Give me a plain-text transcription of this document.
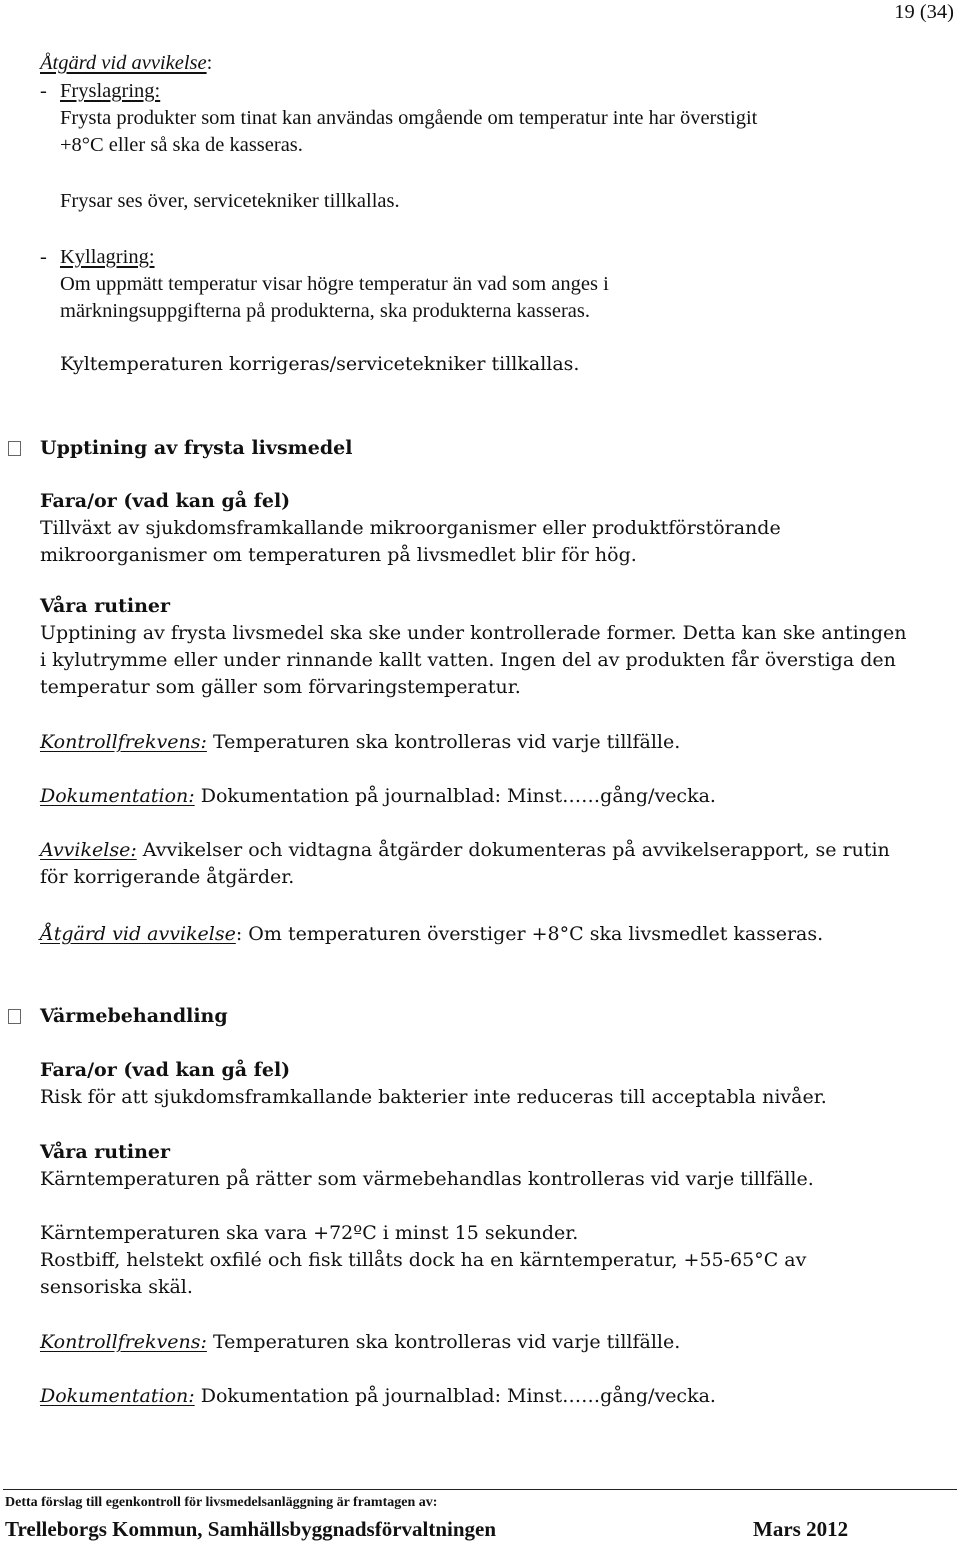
19 (34)
Åtgärd vid avvikelse:
- Fryslagring:
Frysta produkter som tinat kan användas omgående om temperatur inte har överstigit
+8°C eller så ska de kasseras.
Frysar ses över, servicetekniker tillkallas.
- Kyllagring:
Om uppmätt temperatur visar högre temperatur än vad som anges i
märkningsuppgifterna på produkterna, ska produkterna kasseras.
Kyltemperaturen korrigeras/servicetekniker tillkallas.
Upptining av frysta livsmedel
Fara/or (vad kan gå fel)
Tillväxt av sjukdomsframkallande mikroorganismer eller produktförstörande
mikroorganismer om temperaturen på livsmedlet blir för hög.
Våra rutiner
Upptining av frysta livsmedel ska ske under kontrollerade former. Detta kan ske antingen
i kylutrymme eller under rinnande kallt vatten. Ingen del av produkten får överstiga den
temperatur som gäller som förvaringstemperatur.
Kontrollfrekvens: Temperaturen ska kontrolleras vid varje tillfälle.
Dokumentation: Dokumentation på journalblad: Minst……gång/vecka.
Avvikelse: Avvikelser och vidtagna åtgärder dokumenteras på avvikelserapport, se rutin
för korrigerande åtgärder.
Åtgärd vid avvikelse: Om temperaturen överstiger +8°C ska livsmedlet kasseras.
Värmebehandling
Fara/or (vad kan gå fel)
Risk för att sjukdomsframkallande bakterier inte reduceras till acceptabla nivåer.
Våra rutiner
Kärntemperaturen på rätter som värmebehandlas kontrolleras vid varje tillfälle.
Kärntemperaturen ska vara +72ºC i minst 15 sekunder.
Rostbiff, helstekt oxfilé och fisk tillåts dock ha en kärntemperatur, +55-65°C av
sensoriska skäl.
Kontrollfrekvens: Temperaturen ska kontrolleras vid varje tillfälle.
Dokumentation: Dokumentation på journalblad: Minst……gång/vecka.
Detta förslag till egenkontroll för livsmedelsanläggning är framtagen av:
Trelleborgs Kommun, Samhällsbyggnadsförvaltningen	Mars 2012
